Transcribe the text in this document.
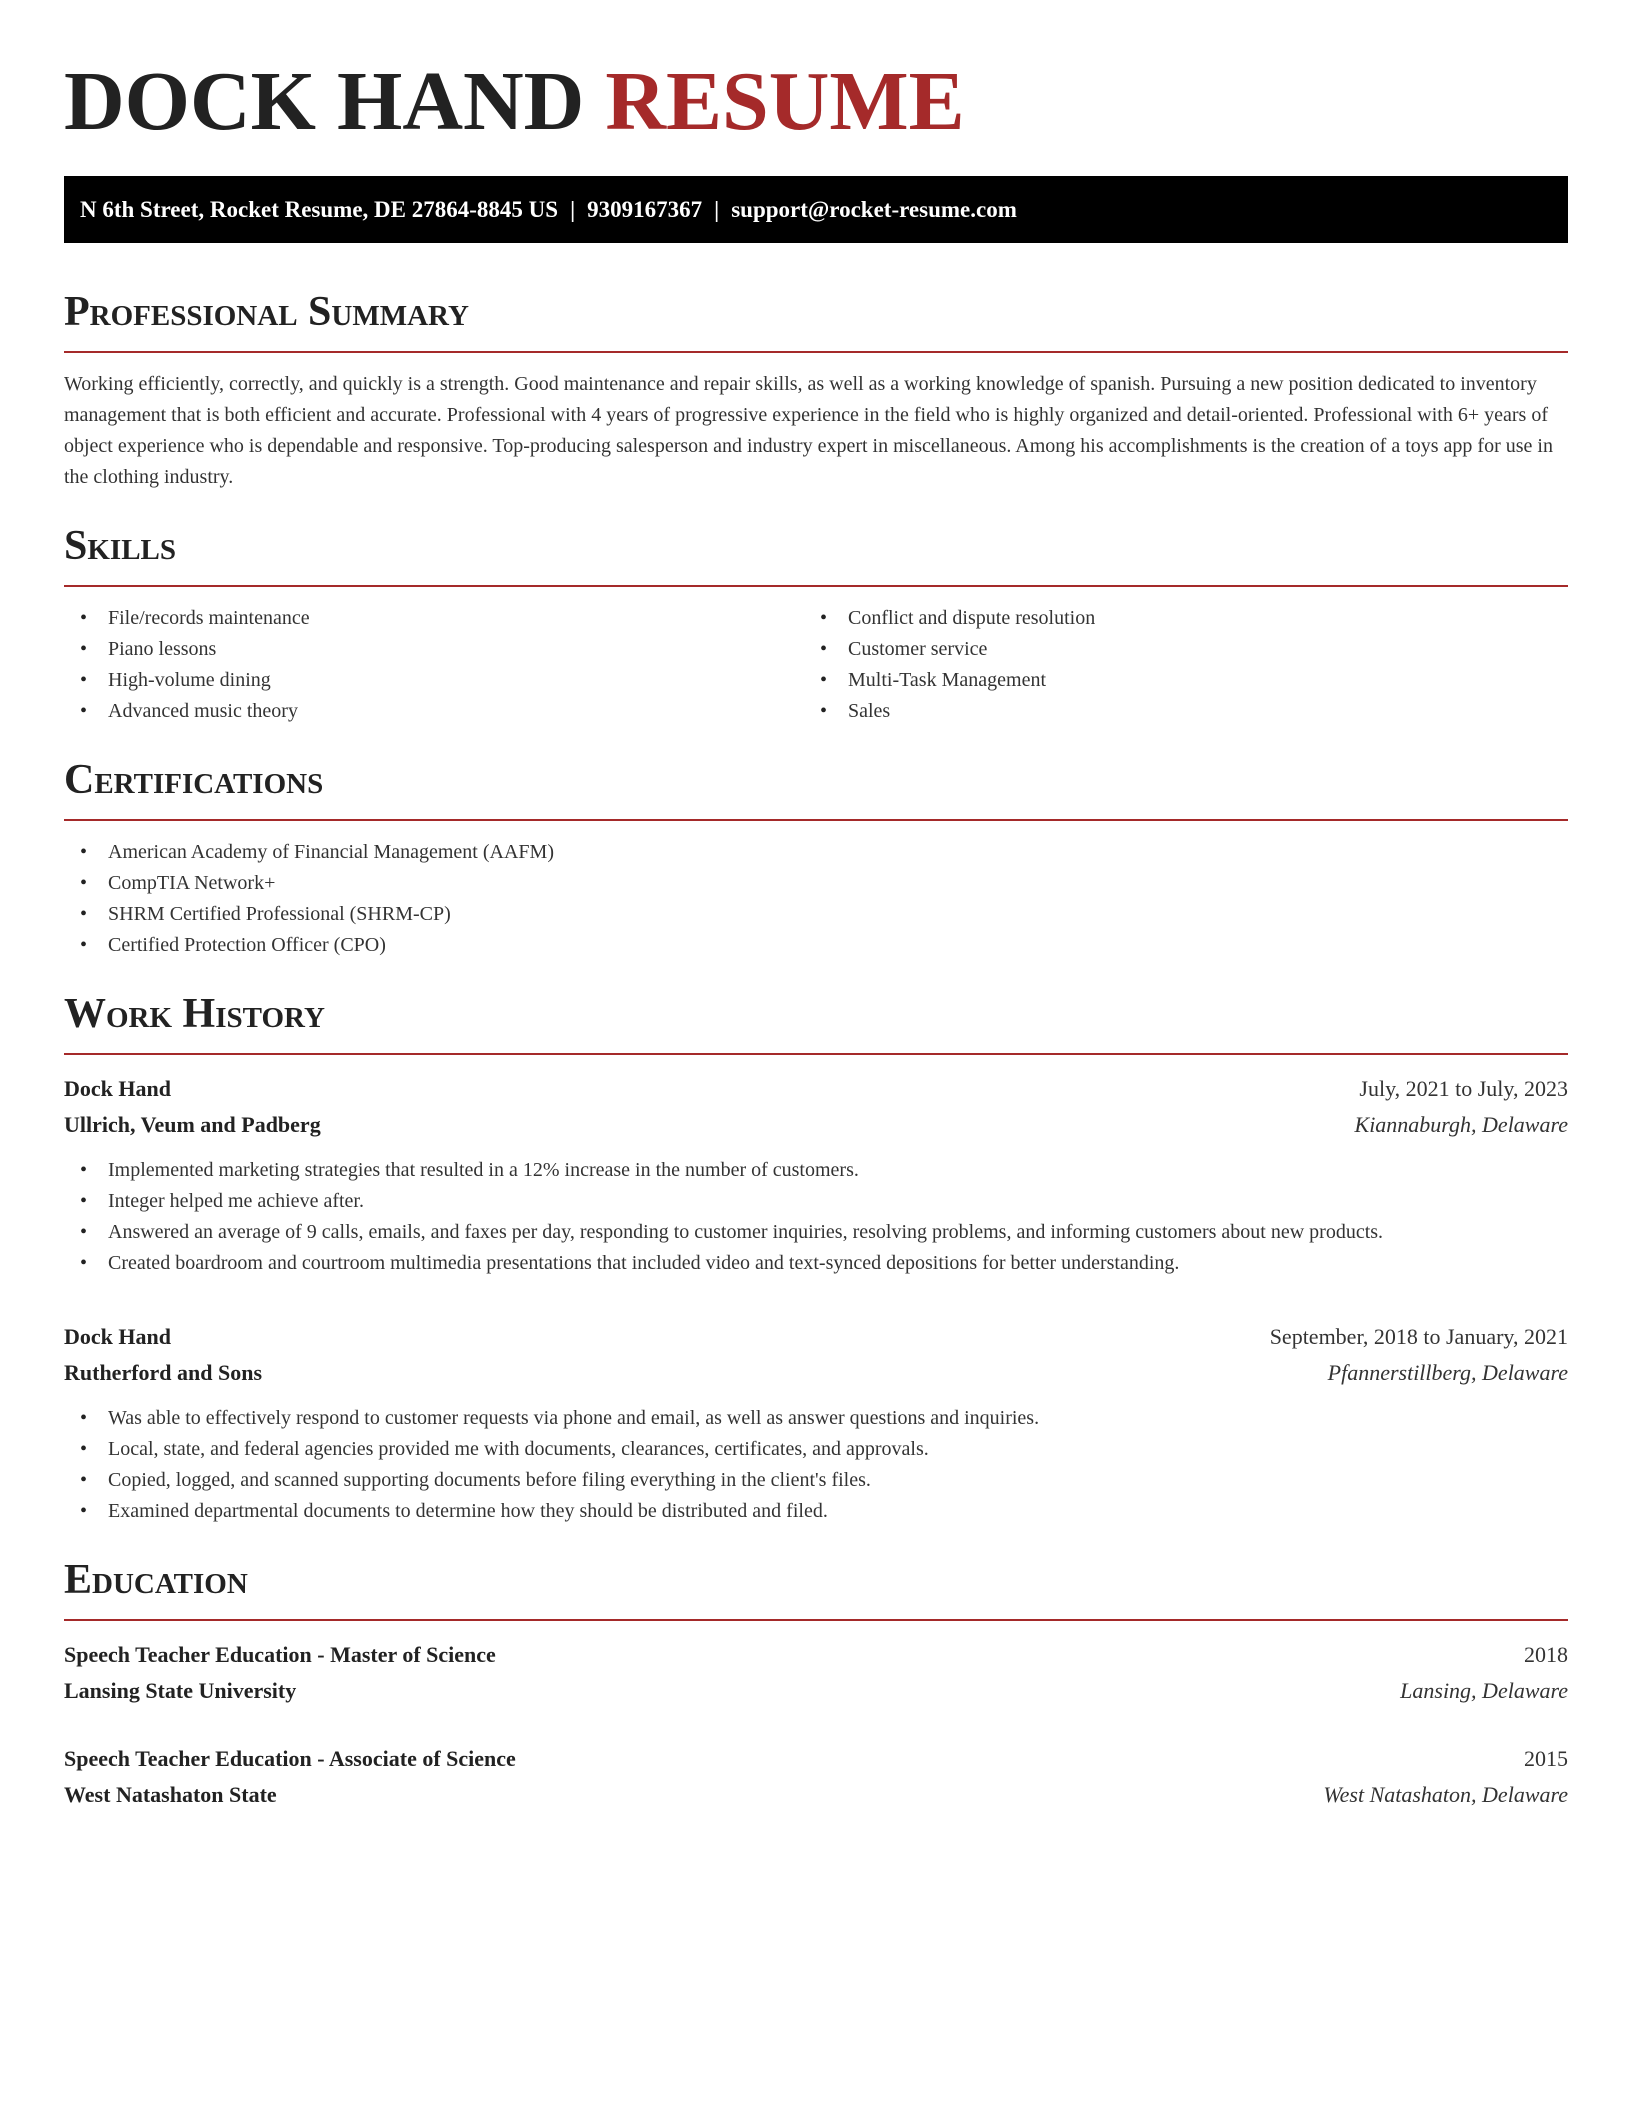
DOCK HAND RESUME
N 6th Street, Rocket Resume, DE 27864-8845 US | 9309167367 | support@rocket-resume.com
Professional Summary

Working efficiently, correctly, and quickly is a strength. Good maintenance and repair skills, as well as a working knowledge of spanish. Pursuing a new position dedicated to inventory management that is both efficient and accurate. Professional with 4 years of progressive experience in the field who is highly organized and detail-oriented. Professional with 6+ years of object experience who is dependable and responsive. Top-producing salesperson and industry expert in miscellaneous. Among his accomplishments is the creation of a toys app for use in the clothing industry.

Skills
• File/records maintenance
• Piano lessons
• High-volume dining
• Advanced music theory
• Conflict and dispute resolution
• Customer service
• Multi-Task Management
• Sales
Certifications
• American Academy of Financial Management (AAFM)
• CompTIA Network+
• SHRM Certified Professional (SHRM-CP)
• Certified Protection Officer (CPO)
Work History
Dock Hand	July, 2021 to July, 2023
Ullrich, Veum and Padberg	Kiannaburgh, Delaware
• Implemented marketing strategies that resulted in a 12% increase in the number of customers.
• Integer helped me achieve after.
• Answered an average of 9 calls, emails, and faxes per day, responding to customer inquiries, resolving problems, and informing customers about new products.
• Created boardroom and courtroom multimedia presentations that included video and text-synced depositions for better understanding.
Dock Hand	September, 2018 to January, 2021
Rutherford and Sons	Pfannerstillberg, Delaware
• Was able to effectively respond to customer requests via phone and email, as well as answer questions and inquiries.
• Local, state, and federal agencies provided me with documents, clearances, certificates, and approvals.
• Copied, logged, and scanned supporting documents before filing everything in the client's files.
• Examined departmental documents to determine how they should be distributed and filed.
Education
Speech Teacher Education - Master of Science	2018
Lansing State University	Lansing, Delaware
Speech Teacher Education - Associate of Science	2015
West Natashaton State	West Natashaton, Delaware
